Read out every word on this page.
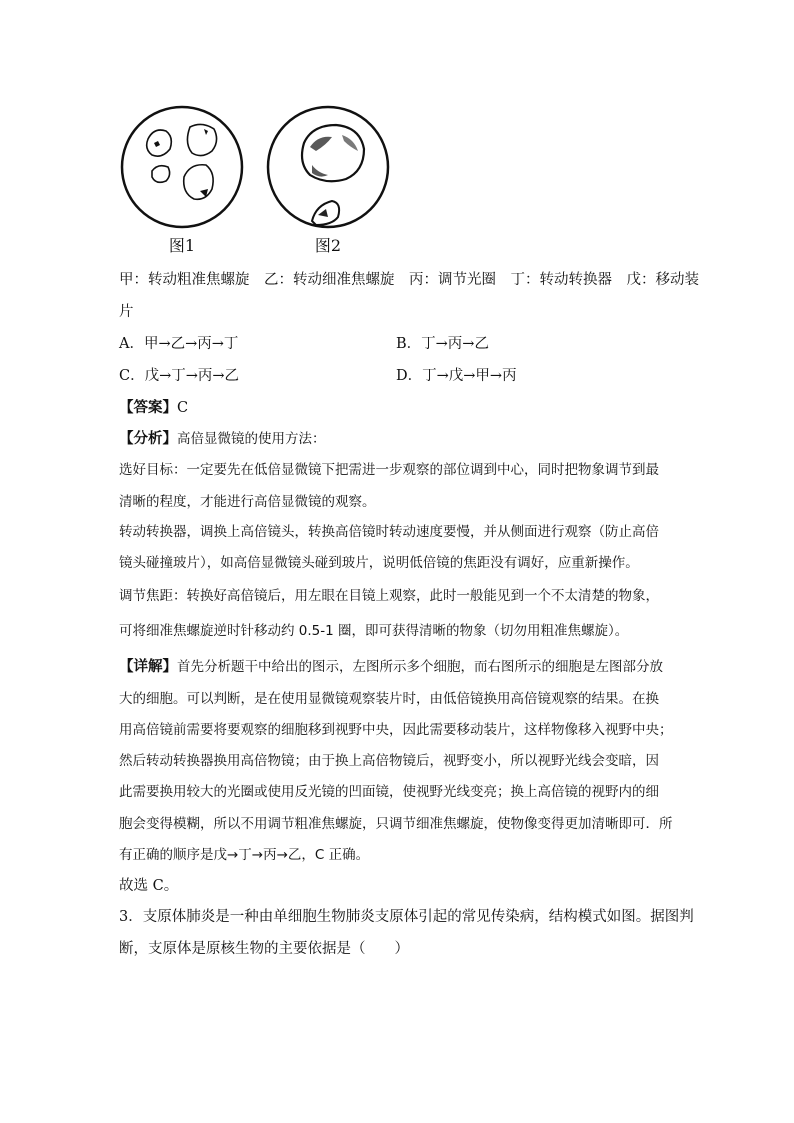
图1	图2
甲：转动粗准焦螺旋　乙：转动细准焦螺旋　丙：调节光圈　丁：转动转换器　戊：移动装
片
A．甲→乙→丙→丁	B．丁→丙→乙
C．戊→丁→丙→乙	D．丁→戊→甲→丙
【答案】C
【分析】高倍显微镜的使用方法：
选好目标：一定要先在低倍显微镜下把需进一步观察的部位调到中心，同时把物象调节到最
清晰的程度，才能进行高倍显微镜的观察。
转动转换器，调换上高倍镜头，转换高倍镜时转动速度要慢，并从侧面进行观察（防止高倍
镜头碰撞玻片），如高倍显微镜头碰到玻片，说明低倍镜的焦距没有调好，应重新操作。
调节焦距：转换好高倍镜后，用左眼在目镜上观察，此时一般能见到一个不太清楚的物象，
可将细准焦螺旋逆时针移动约 0.5-1 圈，即可获得清晰的物象（切勿用粗准焦螺旋）。
【详解】首先分析题干中给出的图示，左图所示多个细胞，而右图所示的细胞是左图部分放
大的细胞。可以判断，是在使用显微镜观察装片时，由低倍镜换用高倍镜观察的结果。在换
用高倍镜前需要将要观察的细胞移到视野中央，因此需要移动装片，这样物像移入视野中央；
然后转动转换器换用高倍物镜；由于换上高倍物镜后，视野变小，所以视野光线会变暗，因
此需要换用较大的光圈或使用反光镜的凹面镜，使视野光线变亮；换上高倍镜的视野内的细
胞会变得模糊，所以不用调节粗准焦螺旋，只调节细准焦螺旋，使物像变得更加清晰即可．所
有正确的顺序是戊→丁→丙→乙，C 正确。
故选 C。
3．支原体肺炎是一种由单细胞生物肺炎支原体引起的常见传染病，结构模式如图。据图判
断，支原体是原核生物的主要依据是（　　）
